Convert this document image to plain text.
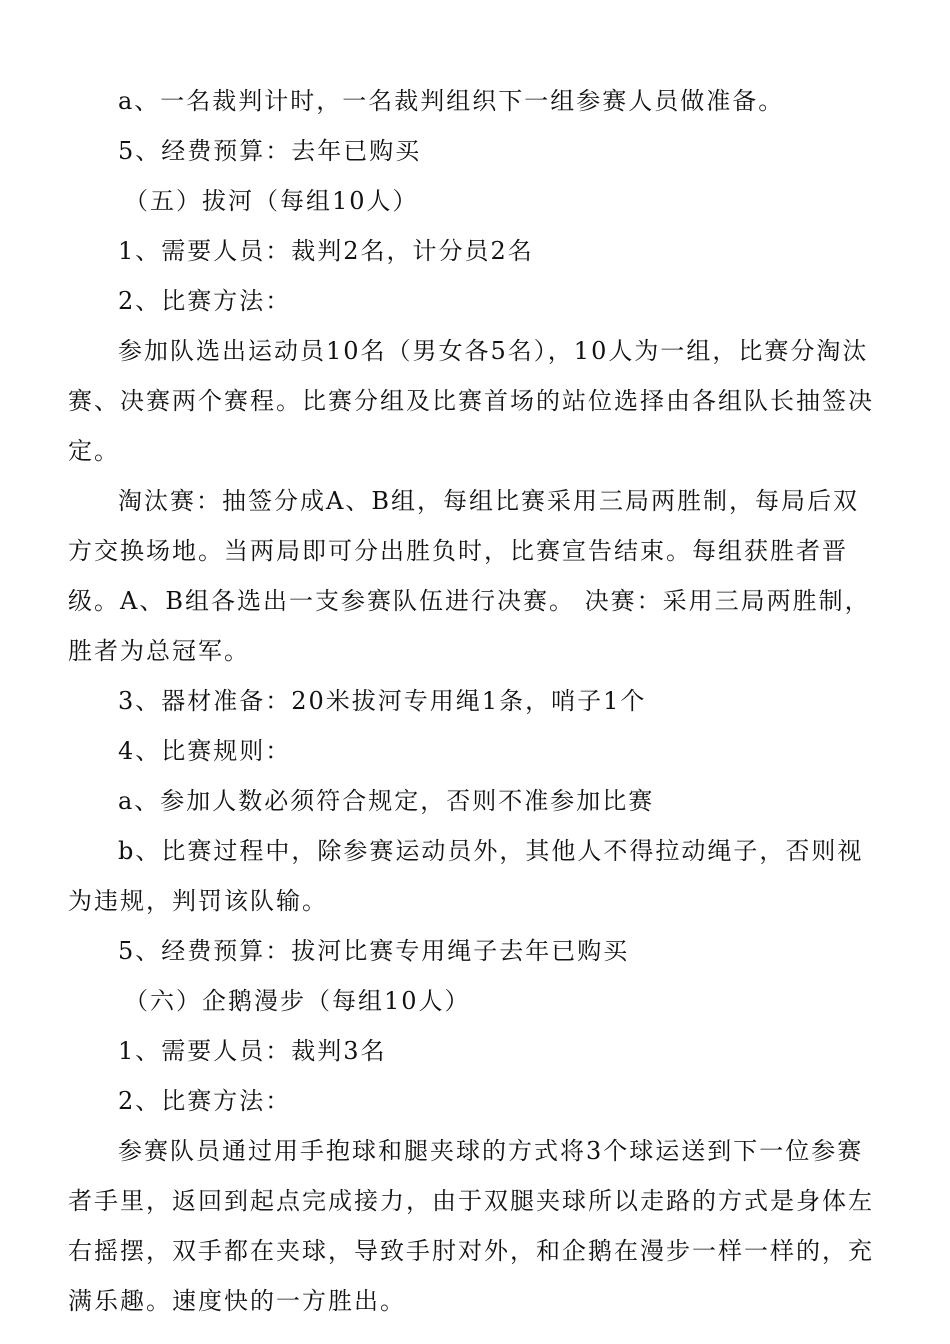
a、一名裁判计时，一名裁判组织下一组参赛人员做准备。

5、经费预算：去年已购买

（五）拔河（每组10人）

1、需要人员：裁判2名，计分员2名

2、比赛方法：

参加队选出运动员10名（男女各5名），10人为一组，比赛分淘汰赛、决赛两个赛程。比赛分组及比赛首场的站位选择由各组队长抽签决定。

淘汰赛：抽签分成A、B组，每组比赛采用三局两胜制，每局后双方交换场地。当两局即可分出胜负时，比赛宣告结束。每组获胜者晋级。A、B组各选出一支参赛队伍进行决赛。 决赛：采用三局两胜制，胜者为总冠军。

3、器材准备：20米拔河专用绳1条，哨子1个

4、比赛规则：

a、参加人数必须符合规定，否则不准参加比赛

b、比赛过程中，除参赛运动员外，其他人不得拉动绳子，否则视为违规，判罚该队输。

5、经费预算：拔河比赛专用绳子去年已购买

（六）企鹅漫步（每组10人）

1、需要人员：裁判3名

2、比赛方法：

参赛队员通过用手抱球和腿夹球的方式将3个球运送到下一位参赛者手里，返回到起点完成接力，由于双腿夹球所以走路的方式是身体左右摇摆，双手都在夹球，导致手肘对外，和企鹅在漫步一样一样的，充满乐趣。速度快的一方胜出。
